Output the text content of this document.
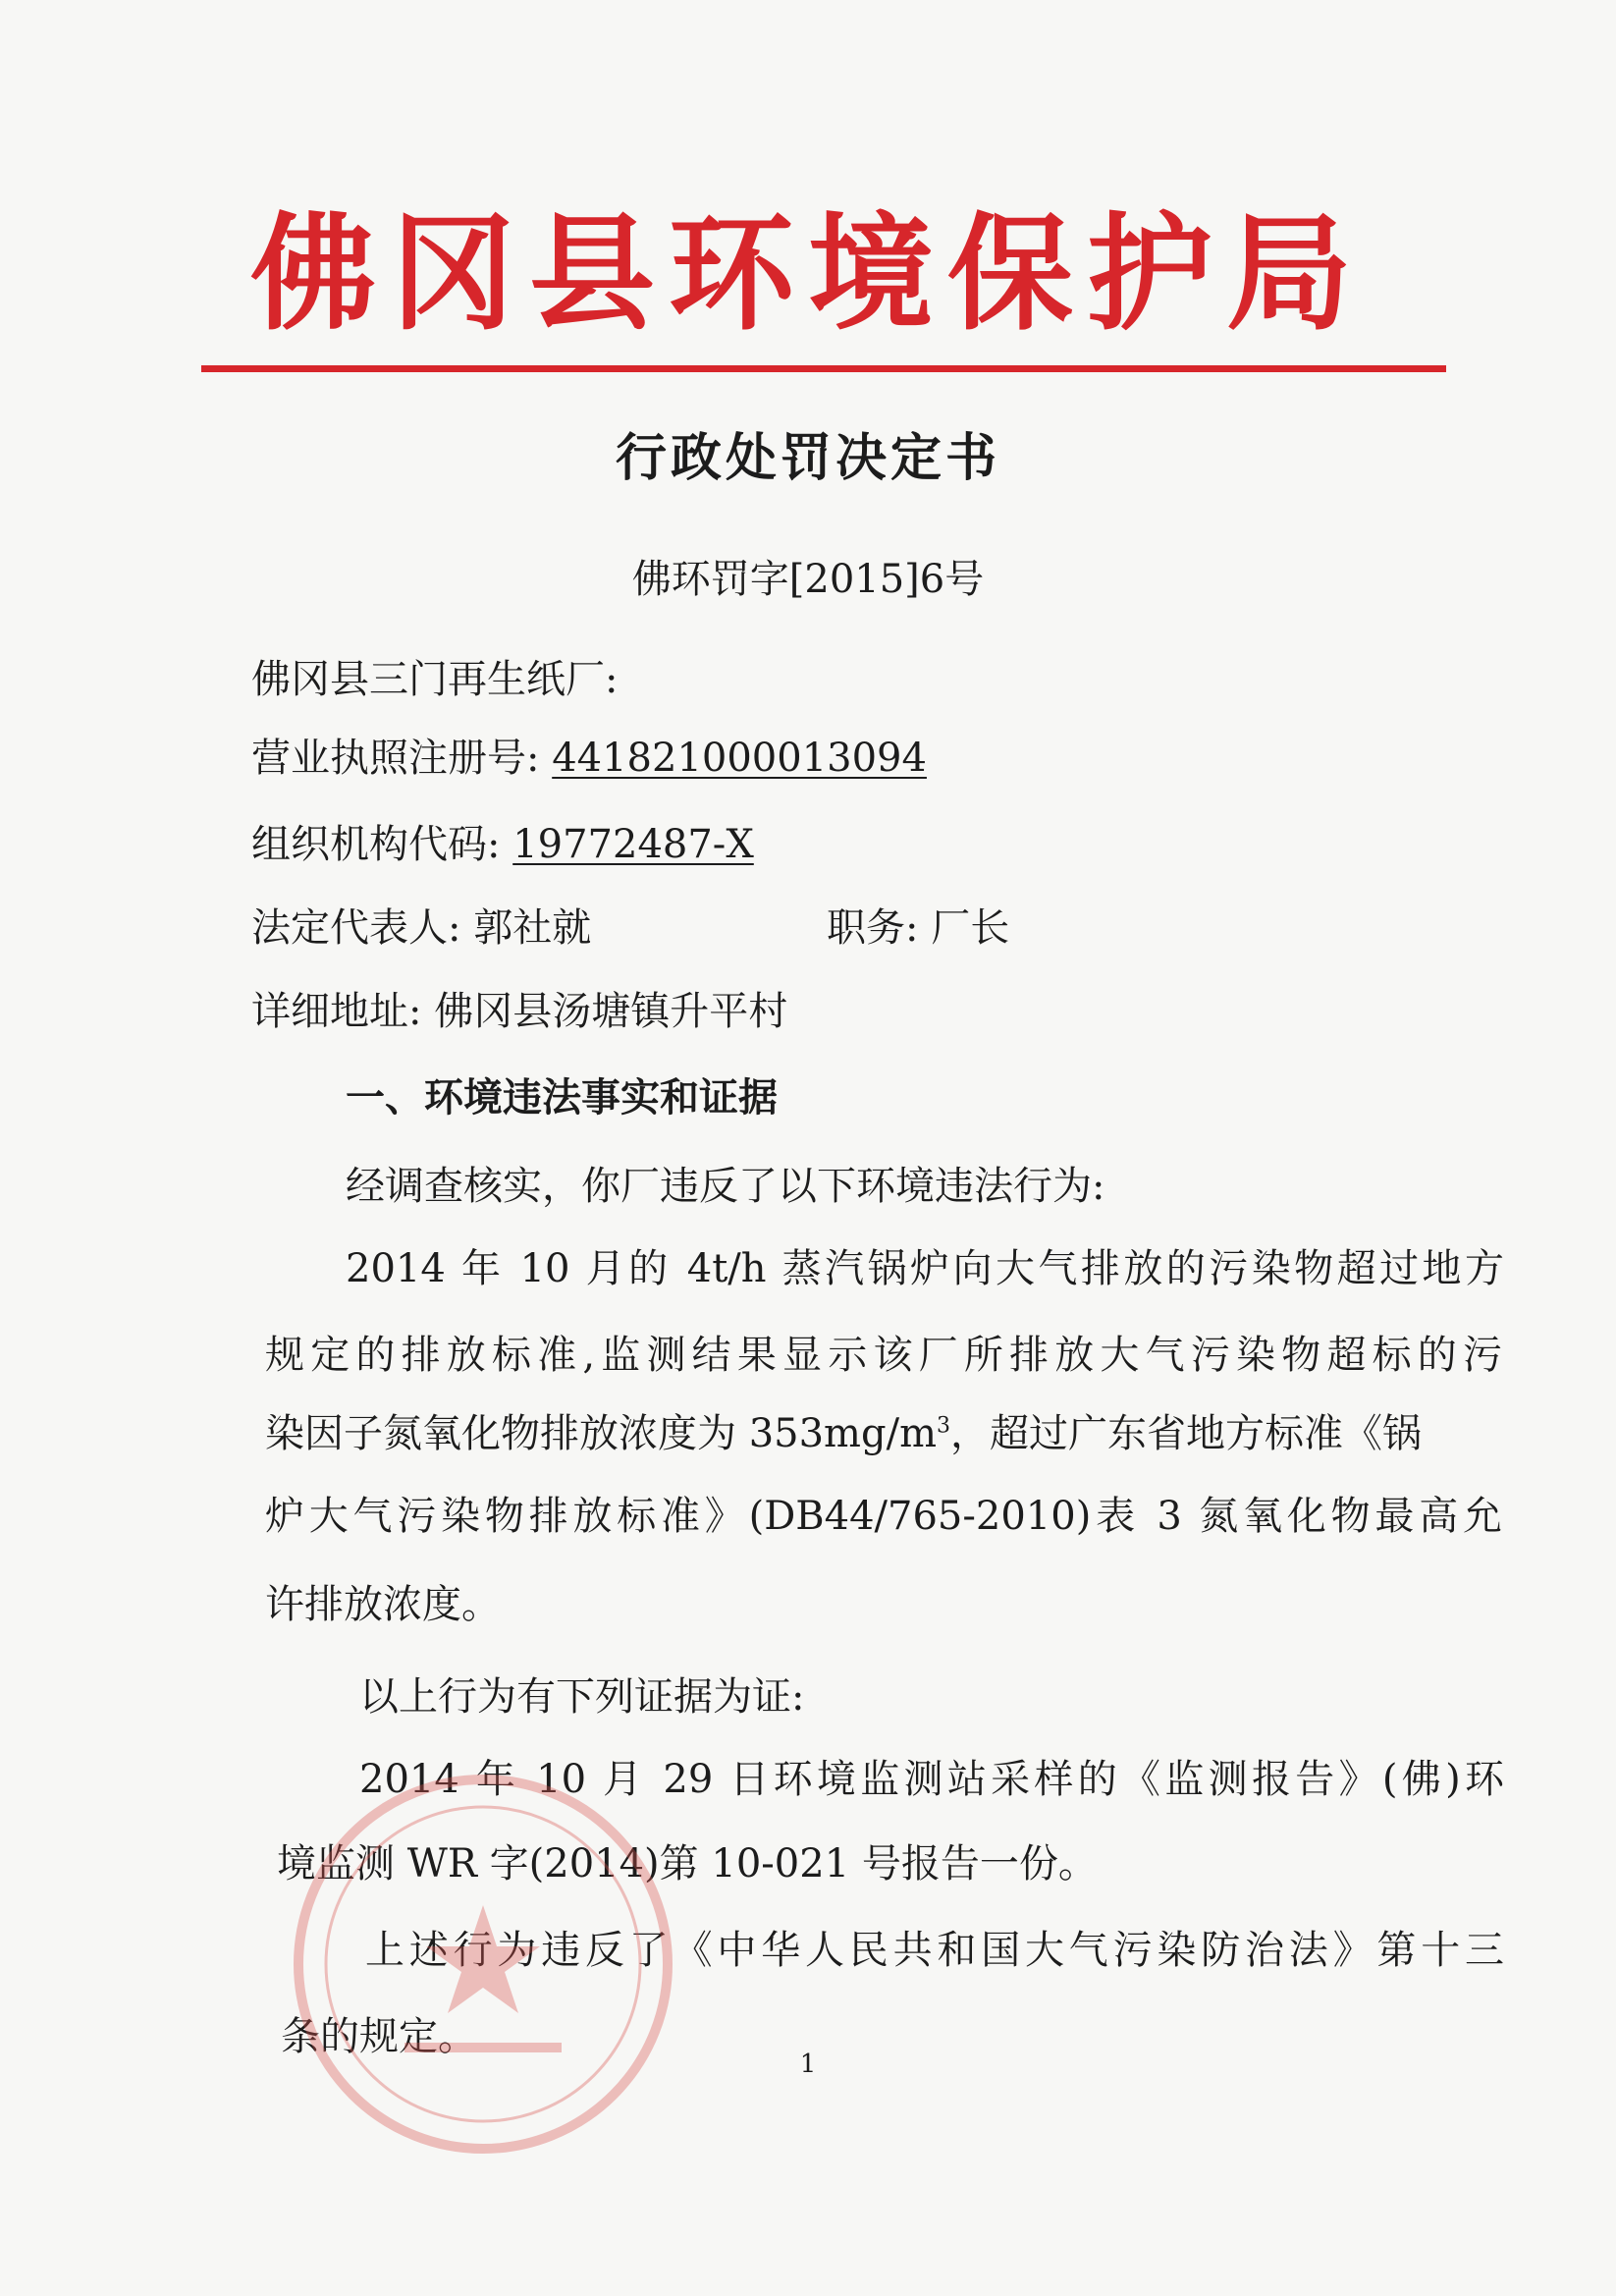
佛冈县环境保护局
行政处罚决定书
佛环罚字[2015]6号
佛冈县三门再生纸厂:
营业执照注册号: 441821000013094
组织机构代码: 19772487-X
法定代表人: 郭社就	职务: 厂长
详细地址: 佛冈县汤塘镇升平村
一、环境违法事实和证据
经调查核实，你厂违反了以下环境违法行为:
2014 年 10 月的 4t/h 蒸汽锅炉向大气排放的污染物超过地方
规定的排放标准,监测结果显示该厂所排放大气污染物超标的污
染因子氮氧化物排放浓度为 $353mg/m^3$，超过广东省地方标准《锅
炉大气污染物排放标准》(DB44/765-2010)表 3 氮氧化物最高允
许排放浓度。
以上行为有下列证据为证:
2014 年 10 月 29 日环境监测站采样的《监测报告》(佛)环
境监测 WR 字(2014)第 10-021 号报告一份。
上述行为违反了《中华人民共和国大气污染防治法》第十三
条的规定。
1
